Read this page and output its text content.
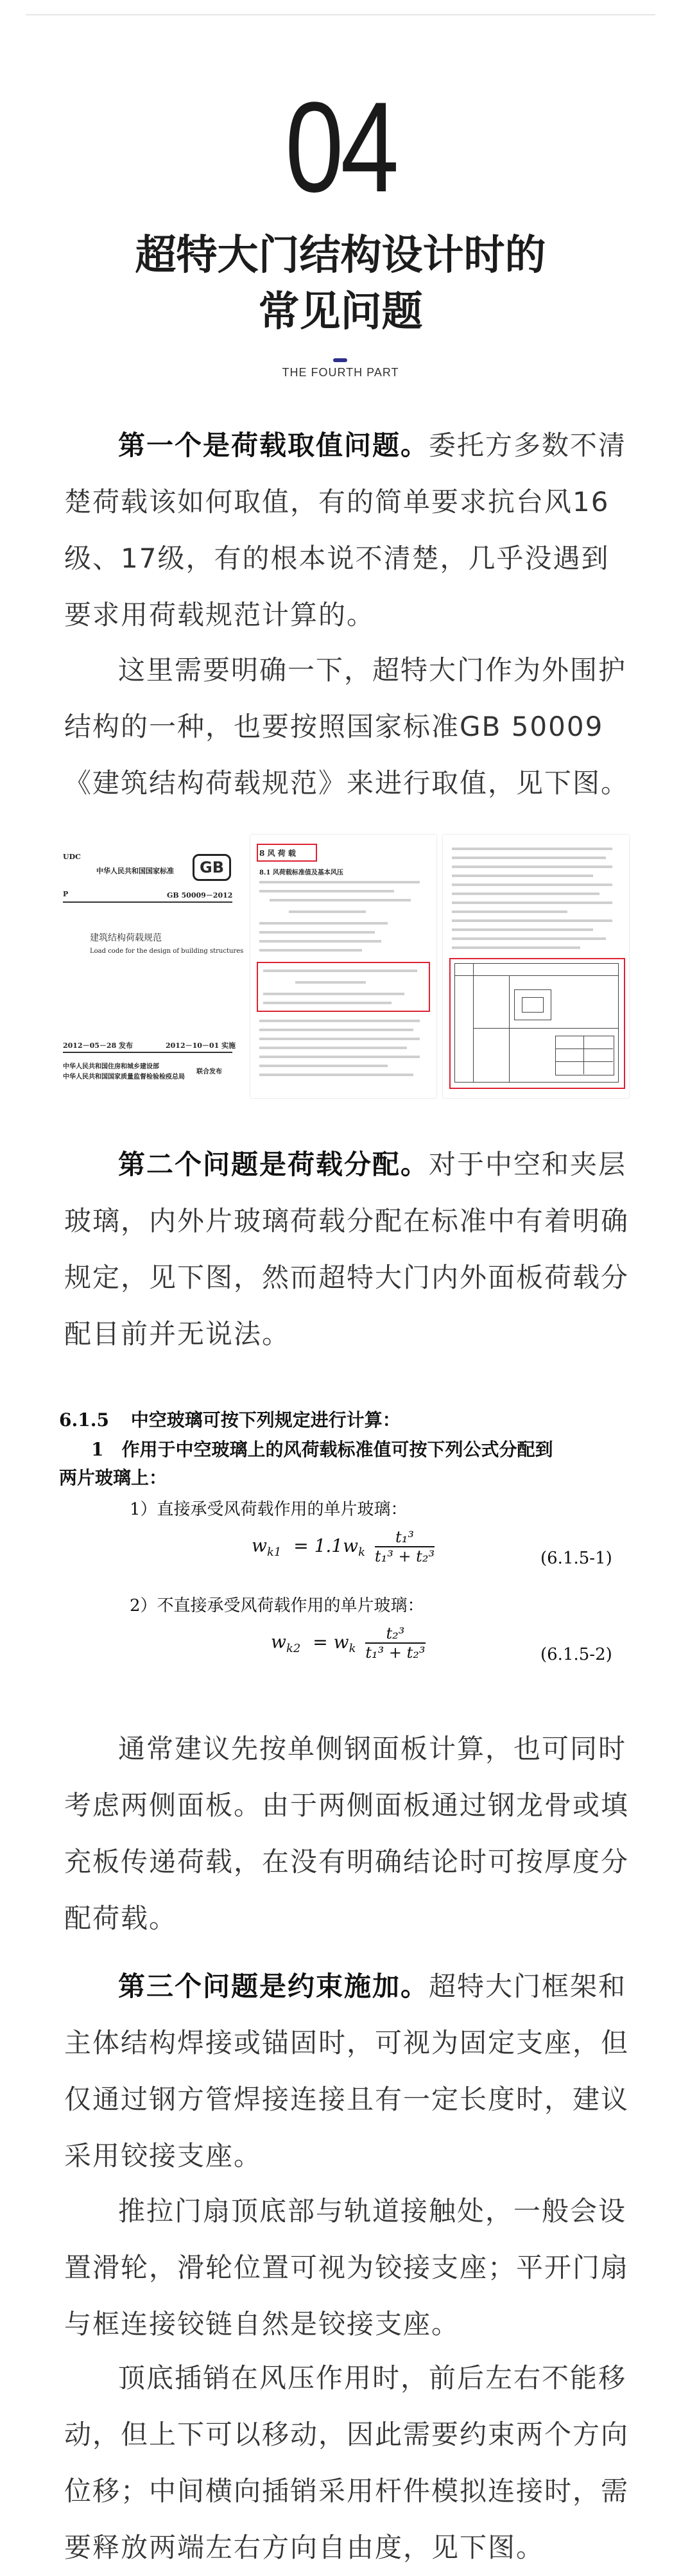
04
超特大门结构设计时的
常见问题
THE FOURTH PART

第一个是荷载取值问题。委托方多数不清楚荷载该如何取值，有的简单要求抗台风16级、17级，有的根本说不清楚，几乎没遇到要求用荷载规范计算的。

这里需要明确一下，超特大门作为外围护结构的一种，也要按照国家标准GB 50009《建筑结构荷载规范》来进行取值，见下图。

UDC
中华人民共和国国家标准	GB
P	GB 50009－2012
建筑结构荷载规范
Load code for the design of building structures
2012－05－28 发布	2012－10－01 实施
中华人民共和国住房和城乡建设部
中华人民共和国国家质量监督检验检疫总局
联合发布
8 风 荷 载
8.1 风荷载标准值及基本风压

第二个问题是荷载分配。对于中空和夹层玻璃，内外片玻璃荷载分配在标准中有着明确规定，见下图，然而超特大门内外面板荷载分配目前并无说法。

6.1.5 中空玻璃可按下列规定进行计算：
1　作用于中空玻璃上的风荷载标准值可按下列公式分配到
两片玻璃上：
1）直接承受风荷载作用的单片玻璃：
$w_{k1} = 1.1w_k \frac{\text{t₁³}}{\text{t₁³ + t₂³}}$	(6.1.5-1)
2）不直接承受风荷载作用的单片玻璃：
$w_{k2} = w_k \frac{\text{t₂³}}{\text{t₁³ + t₂³}}$	(6.1.5-2)

通常建议先按单侧钢面板计算，也可同时考虑两侧面板。由于两侧面板通过钢龙骨或填充板传递荷载，在没有明确结论时可按厚度分配荷载。

第三个问题是约束施加。超特大门框架和主体结构焊接或锚固时，可视为固定支座，但仅通过钢方管焊接连接且有一定长度时，建议采用铰接支座。

推拉门扇顶底部与轨道接触处，一般会设置滑轮，滑轮位置可视为铰接支座；平开门扇与框连接铰链自然是铰接支座。

顶底插销在风压作用时，前后左右不能移动，但上下可以移动，因此需要约束两个方向位移；中间横向插销采用杆件模拟连接时，需要释放两端左右方向自由度，见下图。
